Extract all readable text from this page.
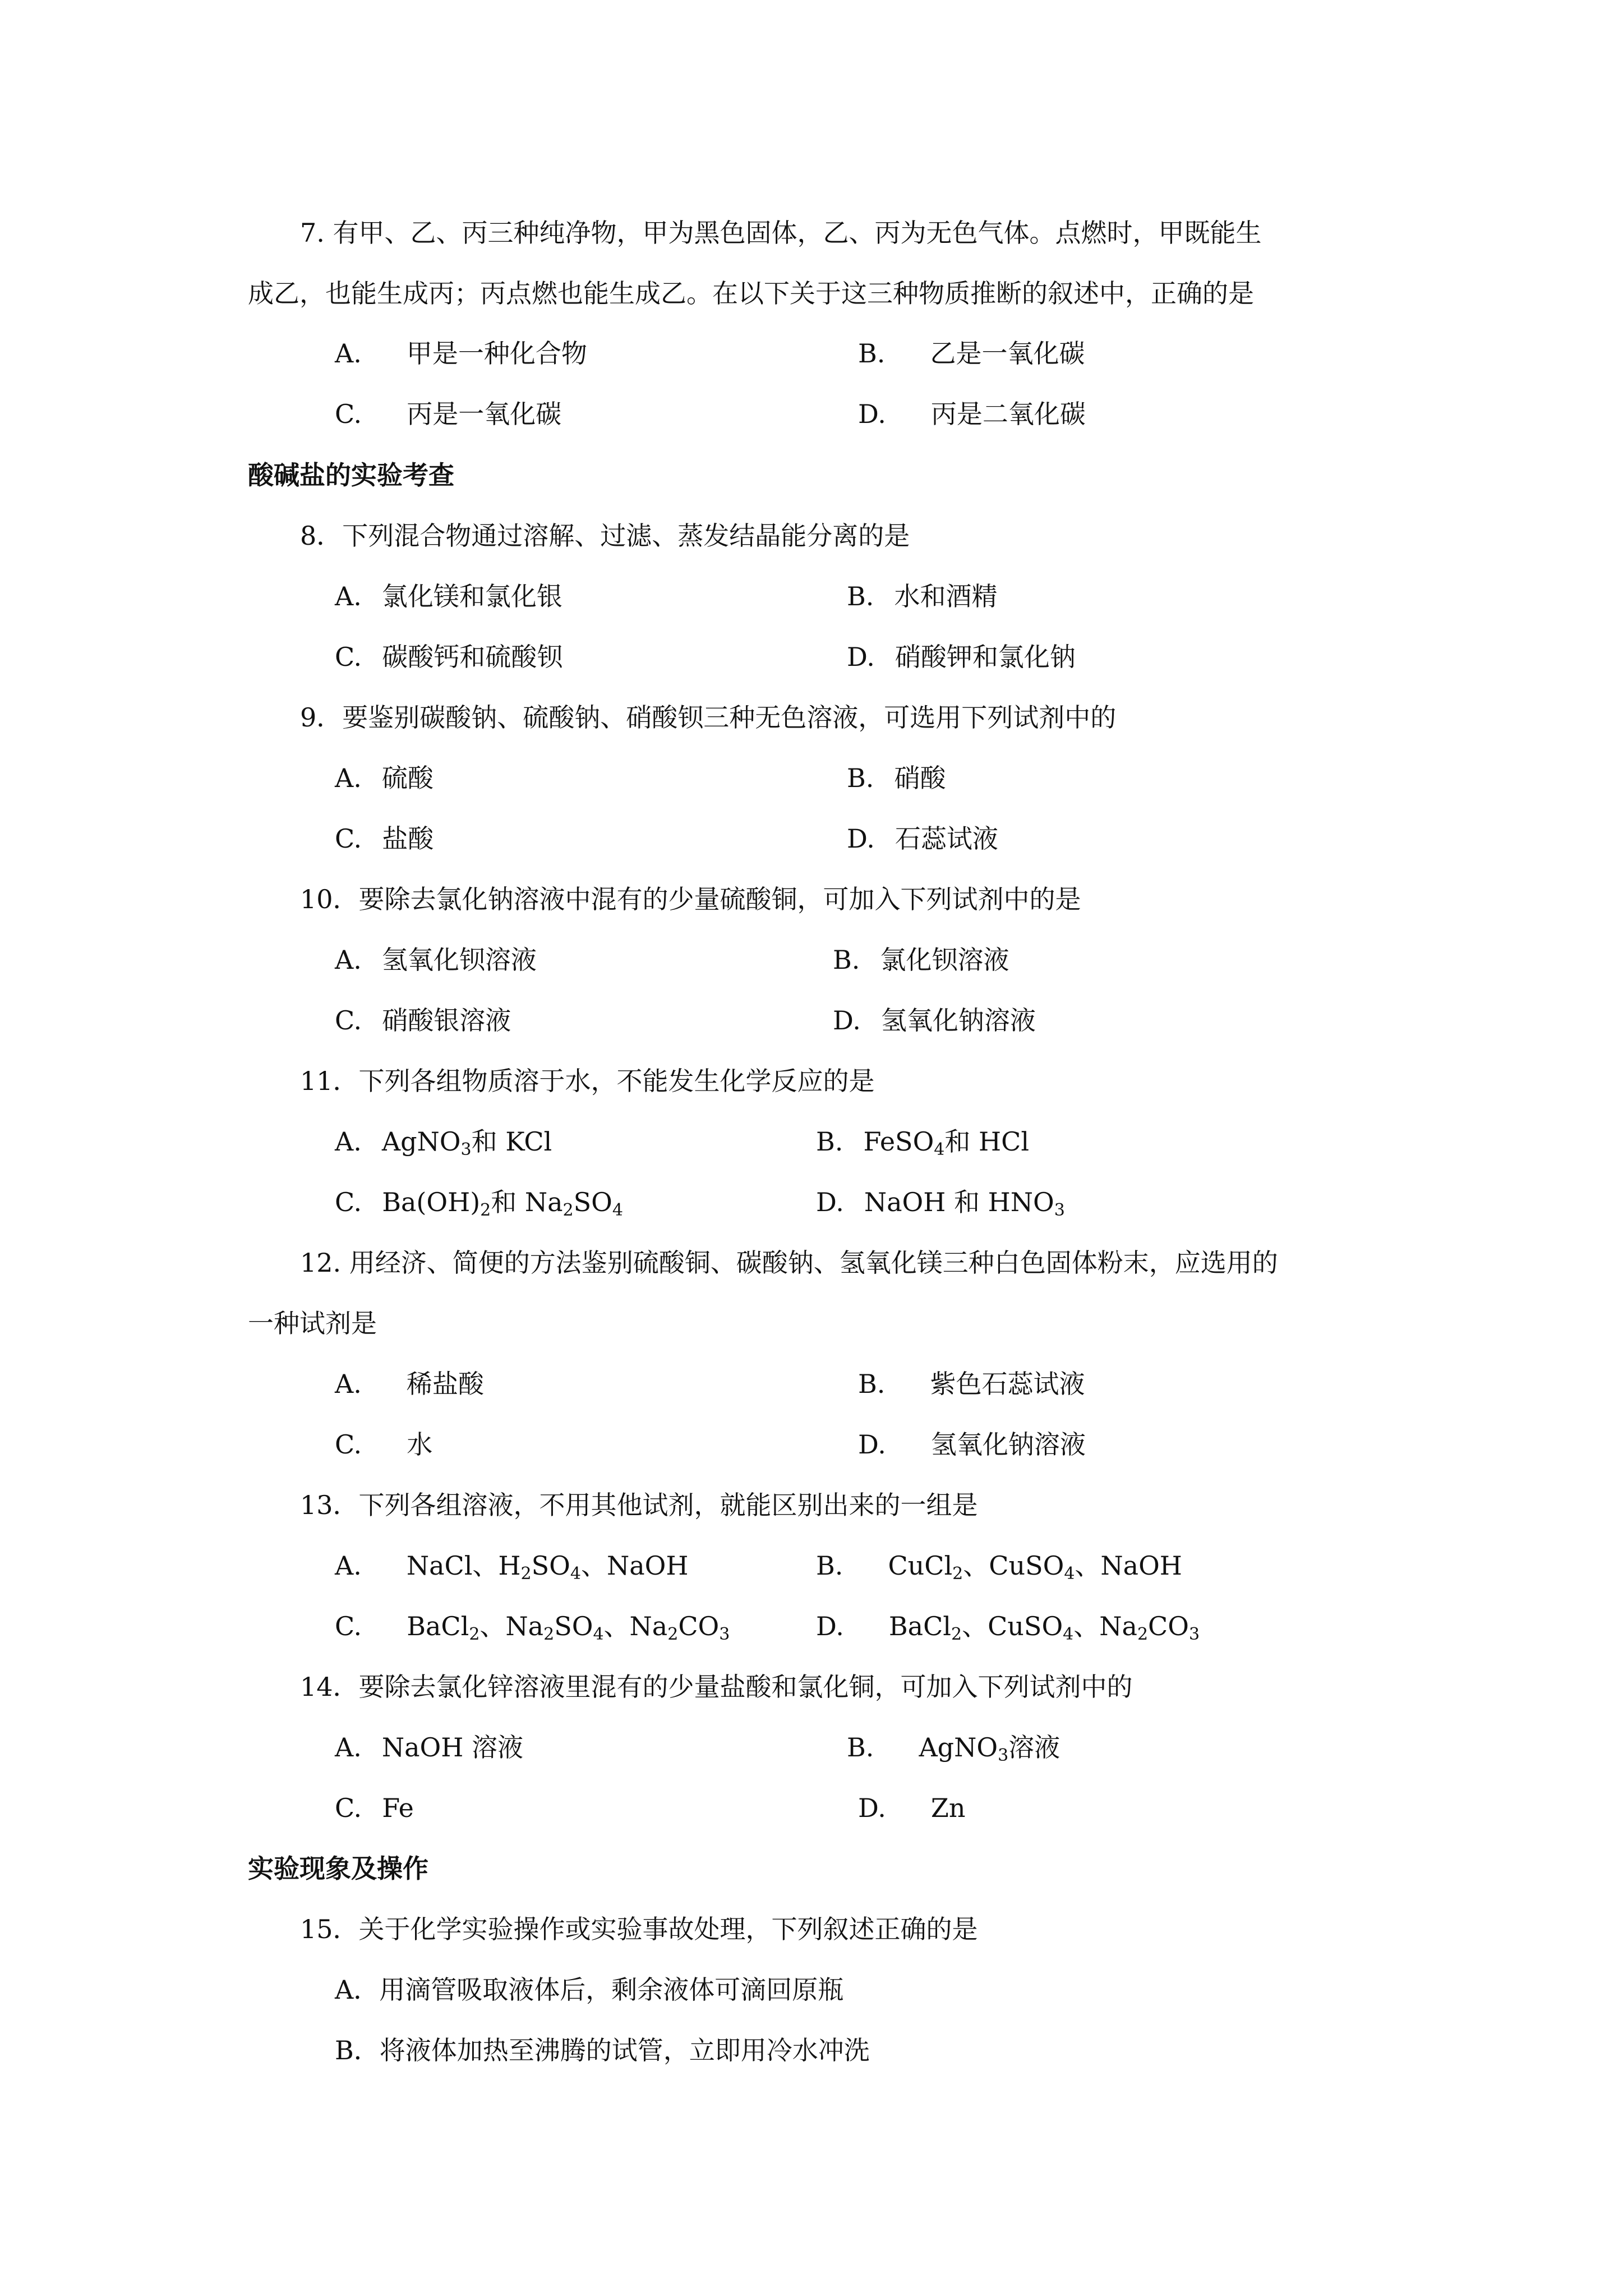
7. 有甲、乙、丙三种纯净物，甲为黑色固体，乙、丙为无色气体。点燃时，甲既能生
成乙，也能生成丙；丙点燃也能生成乙。在以下关于这三种物质推断的叙述中，正确的是
A. 甲是一种化合物	B. 乙是一氧化碳
C. 丙是一氧化碳	D. 丙是二氧化碳
酸碱盐的实验考查
8．下列混合物通过溶解、过滤、蒸发结晶能分离的是
A. 氯化镁和氯化银	B. 水和酒精
C. 碳酸钙和硫酸钡	D. 硝酸钾和氯化钠
9．要鉴别碳酸钠、硫酸钠、硝酸钡三种无色溶液，可选用下列试剂中的
A. 硫酸	B. 硝酸
C. 盐酸	D. 石蕊试液
10．要除去氯化钠溶液中混有的少量硫酸铜，可加入下列试剂中的是
A. 氢氧化钡溶液	B. 氯化钡溶液
C. 硝酸银溶液	D. 氢氧化钠溶液
11．下列各组物质溶于水，不能发生化学反应的是
A. AgNO$_3$和 KCl	B. FeSO$_4$和 HCl
C. $Ba(OH)_2$和 $Na_2SO_4$	D. NaOH 和 $HNO_3$
12. 用经济、简便的方法鉴别硫酸铜、碳酸钠、氢氧化镁三种白色固体粉末，应选用的
一种试剂是
A. 稀盐酸	B. 紫色石蕊试液
C. 水	D. 氢氧化钠溶液
13．下列各组溶液，不用其他试剂，就能区别出来的一组是
A. NaCl、$H_2SO_4$、NaOH	B. CuCl$_2$、CuSO$_4$、NaOH
C. BaCl$_2$、$Na_2SO_4$、$Na_2CO_3$	D. BaCl$_2$、CuSO$_4$、$Na_2CO_3$
14．要除去氯化锌溶液里混有的少量盐酸和氯化铜，可加入下列试剂中的
A. NaOH 溶液	B. AgNO$_3$溶液
C. Fe	D. Zn
实验现象及操作
15．关于化学实验操作或实验事故处理，下列叙述正确的是
A．用滴管吸取液体后，剩余液体可滴回原瓶
B．将液体加热至沸腾的试管，立即用冷水冲洗
